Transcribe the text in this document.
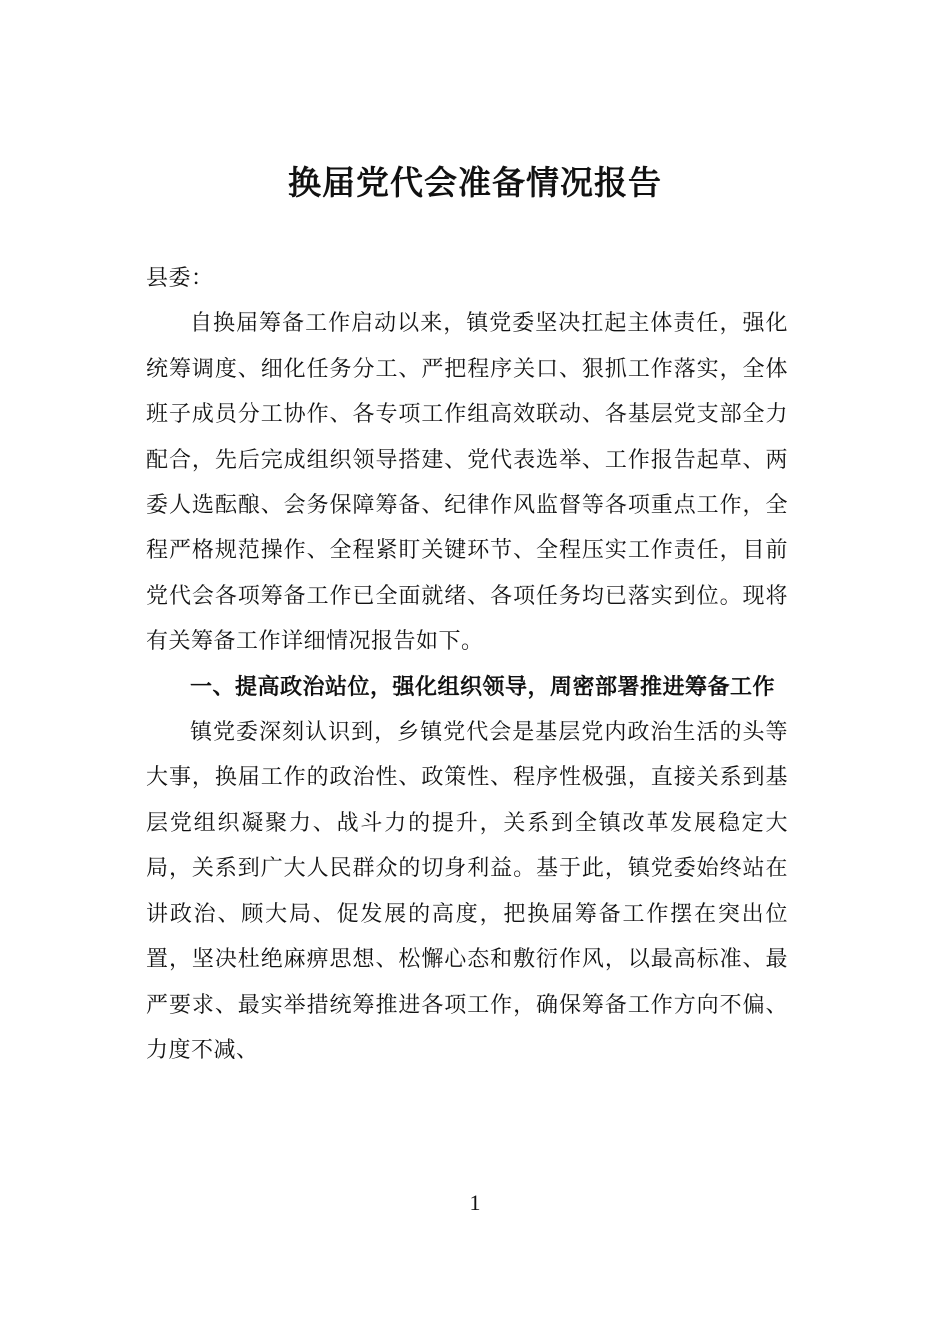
换届党代会准备情况报告

县委：

自换届筹备工作启动以来，镇党委坚决扛起主体责任，强化统筹调度、细化任务分工、严把程序关口、狠抓工作落实，全体班子成员分工协作、各专项工作组高效联动、各基层党支部全力配合，先后完成组织领导搭建、党代表选举、工作报告起草、两委人选酝酿、会务保障筹备、纪律作风监督等各项重点工作，全程严格规范操作、全程紧盯关键环节、全程压实工作责任，目前党代会各项筹备工作已全面就绪、各项任务均已落实到位。现将有关筹备工作详细情况报告如下。

一、提高政治站位，强化组织领导，周密部署推进筹备工作

镇党委深刻认识到，乡镇党代会是基层党内政治生活的头等大事，换届工作的政治性、政策性、程序性极强，直接关系到基层党组织凝聚力、战斗力的提升，关系到全镇改革发展稳定大局，关系到广大人民群众的切身利益。基于此，镇党委始终站在讲政治、顾大局、促发展的高度，把换届筹备工作摆在突出位置，坚决杜绝麻痹思想、松懈心态和敷衍作风，以最高标准、最严要求、最实举措统筹推进各项工作，确保筹备工作方向不偏、力度不减、

1
